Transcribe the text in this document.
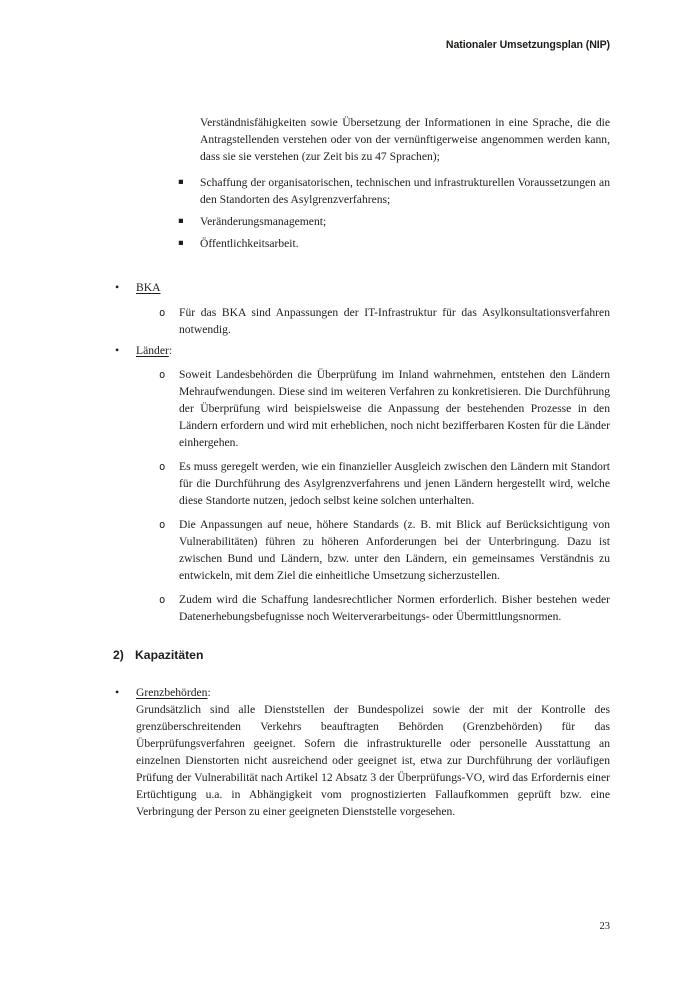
Nationaler Umsetzungsplan (NIP)
Verständnisfähigkeiten sowie Übersetzung der Informationen in eine Sprache, die die Antragstellenden verstehen oder von der vernünftigerweise angenommen werden kann, dass sie sie verstehen (zur Zeit bis zu 47 Sprachen);
▪ Schaffung der organisatorischen, technischen und infrastrukturellen Voraussetzungen an den Standorten des Asylgrenzverfahrens;
▪ Veränderungsmanagement;
▪ Öffentlichkeitsarbeit.
• BKA
o Für das BKA sind Anpassungen der IT-Infrastruktur für das Asylkonsultationsverfahren notwendig.
• Länder:
o Soweit Landesbehörden die Überprüfung im Inland wahrnehmen, entstehen den Ländern Mehraufwendungen. Diese sind im weiteren Verfahren zu konkretisieren. Die Durchführung der Überprüfung wird beispielsweise die Anpassung der bestehenden Prozesse in den Ländern erfordern und wird mit erheblichen, noch nicht bezifferbaren Kosten für die Länder einhergehen.
o Es muss geregelt werden, wie ein finanzieller Ausgleich zwischen den Ländern mit Standort für die Durchführung des Asylgrenzverfahrens und jenen Ländern hergestellt wird, welche diese Standorte nutzen, jedoch selbst keine solchen unterhalten.
o Die Anpassungen auf neue, höhere Standards (z. B. mit Blick auf Berücksichtigung von Vulnerabilitäten) führen zu höheren Anforderungen bei der Unterbringung. Dazu ist zwischen Bund und Ländern, bzw. unter den Ländern, ein gemeinsames Verständnis zu entwickeln, mit dem Ziel die einheitliche Umsetzung sicherzustellen.
o Zudem wird die Schaffung landesrechtlicher Normen erforderlich. Bisher bestehen weder Datenerhebungsbefugnisse noch Weiterverarbeitungs- oder Übermittlungsnormen.
2) Kapazitäten
• Grenzbehörden:
Grundsätzlich sind alle Dienststellen der Bundespolizei sowie der mit der Kontrolle des grenzüberschreitenden Verkehrs beauftragten Behörden (Grenzbehörden) für das Überprüfungsverfahren geeignet. Sofern die infrastrukturelle oder personelle Ausstattung an einzelnen Dienstorten nicht ausreichend oder geeignet ist, etwa zur Durchführung der vorläufigen Prüfung der Vulnerabilität nach Artikel 12 Absatz 3 der Überprüfungs-VO, wird das Erfordernis einer Ertüchtigung u.a. in Abhängigkeit vom prognostizierten Fallaufkommen geprüft bzw. eine Verbringung der Person zu einer geeigneten Dienststelle vorgesehen.
23
